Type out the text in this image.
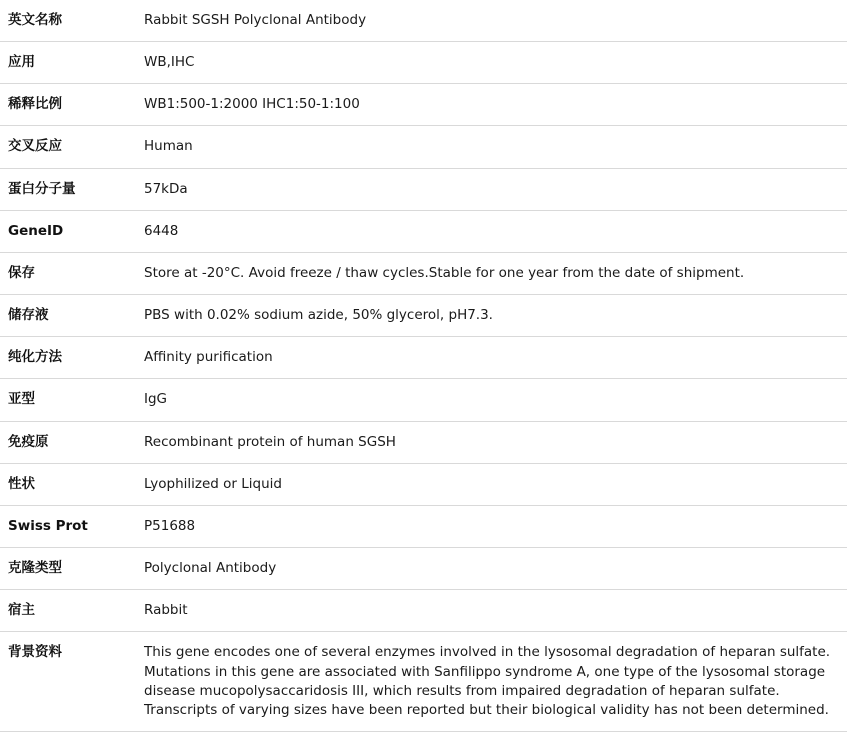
英文名称	Rabbit SGSH Polyclonal Antibody
应用	WB,IHC
稀释比例	WB1:500-1:2000 IHC1:50-1:100
交叉反应	Human
蛋白分子量	57kDa
GeneID	6448
保存	Store at -20°C. Avoid freeze / thaw cycles.Stable for one year from the date of shipment.
储存液	PBS with 0.02% sodium azide, 50% glycerol, pH7.3.
纯化方法	Affinity purification
亚型	IgG
免疫原	Recombinant protein of human SGSH
性状	Lyophilized or Liquid
Swiss Prot	P51688
克隆类型	Polyclonal Antibody
宿主	Rabbit
背景资料	This gene encodes one of several enzymes involved in the lysosomal degradation of heparan sulfate. Mutations in this gene are associated with Sanfilippo syndrome A, one type of the lysosomal storage disease mucopolysaccaridosis III, which results from impaired degradation of heparan sulfate. Transcripts of varying sizes have been reported but their biological validity has not been determined.
